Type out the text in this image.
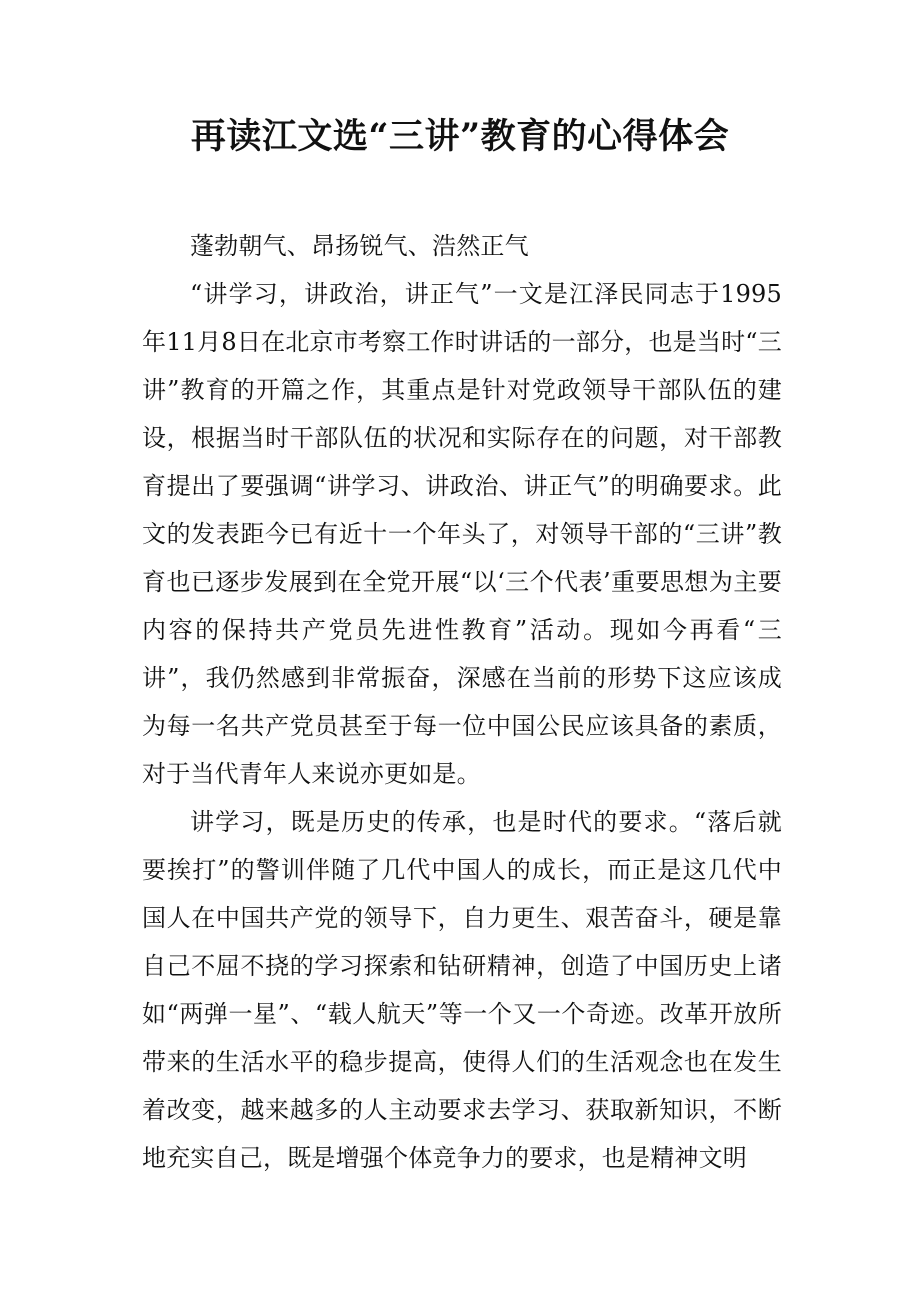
再读江文选“三讲”教育的心得体会

蓬勃朝气、昂扬锐气、浩然正气

“讲学习，讲政治，讲正气”一文是江泽民同志于1995年11月8日在北京市考察工作时讲话的一部分，也是当时“三讲”教育的开篇之作，其重点是针对党政领导干部队伍的建设，根据当时干部队伍的状况和实际存在的问题，对干部教育提出了要强调“讲学习、讲政治、讲正气”的明确要求。此文的发表距今已有近十一个年头了，对领导干部的“三讲”教育也已逐步发展到在全党开展“以‘三个代表’重要思想为主要内容的保持共产党员先进性教育”活动。现如今再看“三讲”，我仍然感到非常振奋，深感在当前的形势下这应该成为每一名共产党员甚至于每一位中国公民应该具备的素质，对于当代青年人来说亦更如是。

讲学习，既是历史的传承，也是时代的要求。“落后就要挨打”的警训伴随了几代中国人的成长，而正是这几代中国人在中国共产党的领导下，自力更生、艰苦奋斗，硬是靠自己不屈不挠的学习探索和钻研精神，创造了中国历史上诸如“两弹一星”、“载人航天”等一个又一个奇迹。改革开放所带来的生活水平的稳步提高，使得人们的生活观念也在发生着改变，越来越多的人主动要求去学习、获取新知识，不断地充实自己，既是增强个体竞争力的要求，也是精神文明
